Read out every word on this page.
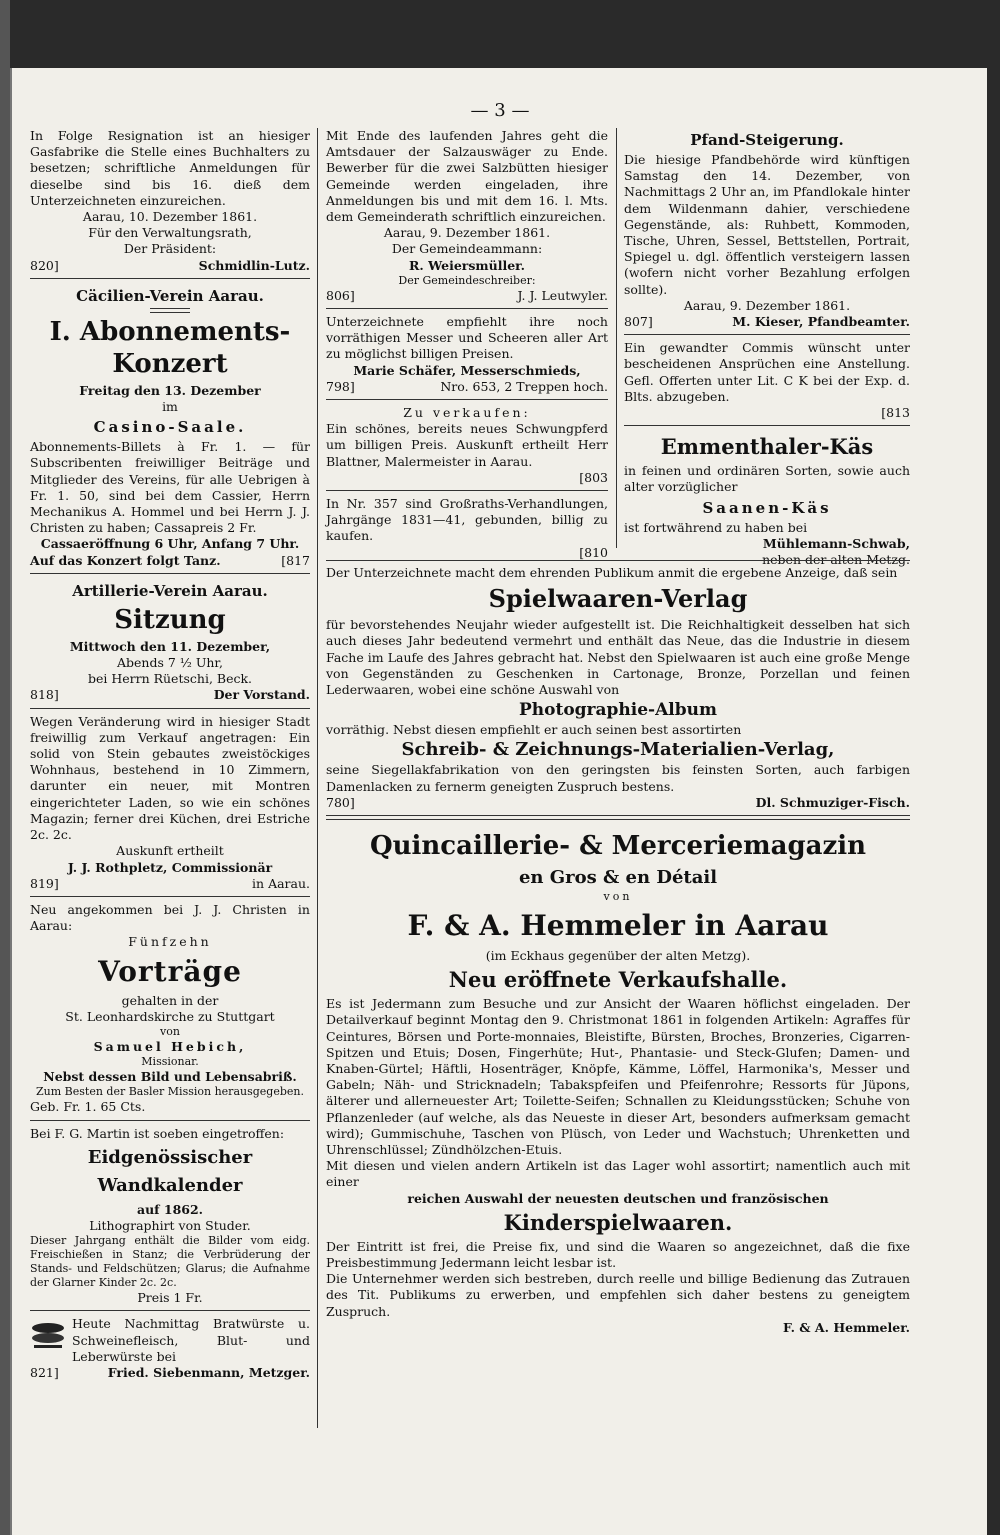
— 3 —

In Folge Resignation ist an hiesiger Gasfabrike die Stelle eines Buchhalters zu besetzen; schriftliche Anmeldungen für dieselbe sind bis 16. dieß dem Unterzeichneten einzureichen.

Aarau, 10. Dezember 1861.

Für den Verwaltungsrath,

Der Präsident:

820]	Schmidlin-Lutz.

Cäcilien-Verein Aarau.

I. Abonnements-Konzert

Freitag den 13. Dezember

im

Casino-Saale.

Abonnements-Billets à Fr. 1. — für Subscribenten freiwilliger Beiträge und Mitglieder des Vereins, für alle Uebrigen à Fr. 1. 50, sind bei dem Cassier, Herrn Mechanikus A. Hommel und bei Herrn J. J. Christen zu haben; Cassapreis 2 Fr.

Cassaeröffnung 6 Uhr, Anfang 7 Uhr.

Auf das Konzert folgt Tanz.	[817

Artillerie-Verein Aarau.

Sitzung

Mittwoch den 11. Dezember,

Abends 7 ½ Uhr,

bei Herrn Rüetschi, Beck.

818]	Der Vorstand.

Wegen Veränderung wird in hiesiger Stadt freiwillig zum Verkauf angetragen: Ein solid von Stein gebautes zweistöckiges Wohnhaus, bestehend in 10 Zimmern, darunter ein neuer, mit Montren eingerichteter Laden, so wie ein schönes Magazin; ferner drei Küchen, drei Estriche 2c. 2c.

Auskunft ertheilt

J. J. Rothpletz, Commissionär

819]	in Aarau.

Neu angekommen bei J. J. Christen in Aarau:

Fünfzehn

Vorträge

gehalten in der

St. Leonhardskirche zu Stuttgart

von

Samuel Hebich,

Missionar.

Nebst dessen Bild und Lebensabriß.

Zum Besten der Basler Mission herausgegeben.

Geb. Fr. 1. 65 Cts.

Bei F. G. Martin ist soeben eingetroffen:

Eidgenössischer Wandkalender

auf 1862.

Lithographirt von Studer.

Dieser Jahrgang enthält die Bilder vom eidg. Freischießen in Stanz; die Verbrüderung der Stands- und Feldschützen; Glarus; die Aufnahme der Glarner Kinder 2c. 2c.

Preis 1 Fr.

Heute Nachmittag Bratwürste u. Schweinefleisch, Blut- und Leberwürste bei

821]	Fried. Siebenmann, Metzger.

Mit Ende des laufenden Jahres geht die Amtsdauer der Salzauswäger zu Ende. Bewerber für die zwei Salzbütten hiesiger Gemeinde werden eingeladen, ihre Anmeldungen bis und mit dem 16. l. Mts. dem Gemeinderath schriftlich einzureichen.

Aarau, 9. Dezember 1861.

Der Gemeindeammann:

R. Weiersmüller.

Der Gemeindeschreiber:

806]	J. J. Leutwyler.

Unterzeichnete empfiehlt ihre noch vorräthigen Messer und Scheeren aller Art zu möglichst billigen Preisen.

Marie Schäfer, Messerschmieds,

798]	Nro. 653, 2 Treppen hoch.

Zu verkaufen:

Ein schönes, bereits neues Schwungpferd um billigen Preis. Auskunft ertheilt Herr Blattner, Malermeister in Aarau.

[803

In Nr. 357 sind Großraths-Verhandlungen, Jahrgänge 1831—41, gebunden, billig zu kaufen.

[810

Pfand-Steigerung.

Die hiesige Pfandbehörde wird künftigen Samstag den 14. Dezember, von Nachmittags 2 Uhr an, im Pfandlokale hinter dem Wildenmann dahier, verschiedene Gegenstände, als: Ruhbett, Kommoden, Tische, Uhren, Sessel, Bettstellen, Portrait, Spiegel u. dgl. öffentlich versteigern lassen (wofern nicht vorher Bezahlung erfolgen sollte).

Aarau, 9. Dezember 1861.

807]	M. Kieser, Pfandbeamter.

Ein gewandter Commis wünscht unter bescheidenen Ansprüchen eine Anstellung. Gefl. Offerten unter Lit. C K bei der Exp. d. Blts. abzugeben.

[813

Emmenthaler-Käs

in feinen und ordinären Sorten, sowie auch alter vorzüglicher

Saanen-Käs

ist fortwährend zu haben bei

Mühlemann-Schwab,

neben der alten Metzg.

Der Unterzeichnete macht dem ehrenden Publikum anmit die ergebene Anzeige, daß sein

Spielwaaren-Verlag

für bevorstehendes Neujahr wieder aufgestellt ist. Die Reichhaltigkeit desselben hat sich auch dieses Jahr bedeutend vermehrt und enthält das Neue, das die Industrie in diesem Fache im Laufe des Jahres gebracht hat. Nebst den Spielwaaren ist auch eine große Menge von Gegenständen zu Geschenken in Cartonage, Bronze, Porzellan und feinen Lederwaaren, wobei eine schöne Auswahl von

Photographie-Album

vorräthig. Nebst diesen empfiehlt er auch seinen best assortirten

Schreib- & Zeichnungs-Materialien-Verlag,

seine Siegellakfabrikation von den geringsten bis feinsten Sorten, auch farbigen Damenlacken zu fernerm geneigten Zuspruch bestens.

780]	Dl. Schmuziger-Fisch.

Quincaillerie- & Merceriemagazin

en Gros & en Détail

von

F. & A. Hemmeler in Aarau

(im Eckhaus gegenüber der alten Metzg).

Neu eröffnete Verkaufshalle.

Es ist Jedermann zum Besuche und zur Ansicht der Waaren höflichst eingeladen. Der Detailverkauf beginnt Montag den 9. Christmonat 1861 in folgenden Artikeln: Agraffes für Ceintures, Börsen und Porte-monnaies, Bleistifte, Bürsten, Broches, Bronzeries, Cigarren-Spitzen und Etuis; Dosen, Fingerhüte; Hut-, Phantasie- und Steck-Glufen; Damen- und Knaben-Gürtel; Häftli, Hosenträger, Knöpfe, Kämme, Löffel, Harmonika's, Messer und Gabeln; Näh- und Stricknadeln; Tabakspfeifen und Pfeifenrohre; Ressorts für Jüpons, älterer und allerneuester Art; Toilette-Seifen; Schnallen zu Kleidungsstücken; Schuhe von Pflanzenleder (auf welche, als das Neueste in dieser Art, besonders aufmerksam gemacht wird); Gummischuhe, Taschen von Plüsch, von Leder und Wachstuch; Uhrenketten und Uhrenschlüssel; Zündhölzchen-Etuis.

Mit diesen und vielen andern Artikeln ist das Lager wohl assortirt; namentlich auch mit einer

reichen Auswahl der neuesten deutschen und französischen

Kinderspielwaaren.

Der Eintritt ist frei, die Preise fix, und sind die Waaren so angezeichnet, daß die fixe Preisbestimmung Jedermann leicht lesbar ist.

Die Unternehmer werden sich bestreben, durch reelle und billige Bedienung das Zutrauen des Tit. Publikums zu erwerben, und empfehlen sich daher bestens zu geneigtem Zuspruch.

F. & A. Hemmeler.
